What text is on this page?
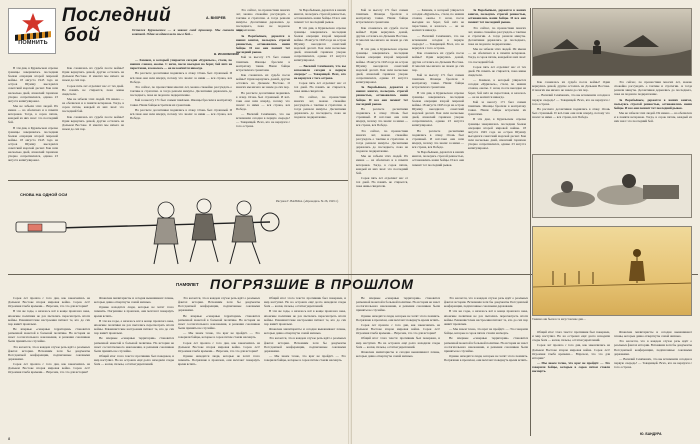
ПОМНИТЬ
Последний
бой
А. ВИХРЕВ
Остался Курильским — я заявил свой приговор. Мы сказали это клятвой. Один за одним шли мы в бой…
В. ИСАКОВСКИЙ

В эти дни, в Курильском отрезке границы завершилась последняя боевая операция второй мировой войны. 18 августа 1945 года на остров Шумшу высадился советский морской десант. Бои шли несколько дней, японский гарнизон упорно сопротивлялся, однако 23 августа капитулировал.

Мы не забыли этих людей. Их имена — на обелисках и в памяти ветеранов. Тогда, в сорок пятом, каждый из них знал: это последний бой.

В эти дни, в Курильском отрезке границы завершилась последняя боевая операция второй мировой войны. 18 августа 1945 года на остров Шумшу высадился советский морской десант. Бои шли несколько дней, японский гарнизон упорно сопротивлялся, однако 23 августа капитулировал.

Как сложилась их судьба после войны? Одни вернулись домой, другие остались на Дальнем Востоке. О многих мы ничего не знаем до сих пор.

Сорок пять лет отделяют нас от тех дней. Но память не стирается, пока живы свидетели.

Мы не забыли этих людей. Их имена — на обелисках и в памяти ветеранов. Тогда, в сорок пятом, каждый из них знал: это последний бой.

Как сложилась их судьба после войны? Одни вернулись домой, другие остались на Дальнем Востоке. О многих мы ничего не знаем до сих пор.

— Камнем, в который упирается сегодня «Курильск», стали, по нашим словам, окопы. С ночи, после высадки на берег, бой шёл не переставая, и казалось — он не кончится никогда.

На рассвете десантники поднялись в атаку. Огонь был страшный. И всё-таки они шли вперёд, потому что знали: за ними — вся страна, вся Победа.

Это сейчас, по прошествии многих лет, можно спокойно рассуждать о тактике и стратегии. А тогда решали минуты. Десантники держались до последнего, пока не подошло подкрепление.

Бой за высоту 171 был самым тяжёлым. Японцы бросили в контратаку танки. Наши бойцы встретили их гранатами.

На рассвете десантники поднялись в атаку. Огонь был страшный. И всё-таки они шли вперёд, потому что знали: за ними — вся страна, вся Победа.

Это сейчас, по прошествии многих лет, можно спокойно рассуждать о тактике и стратегии. А тогда решали минуты. Десантники держались до последнего, пока не подошло подкрепление.

За Воробьёвым, держатся в наших книгах, пользуясь строгой ревностью, остановились наши бойцы. И все они помнят тот последний рывок.

Бой за высоту 171 был самым тяжёлым. Японцы бросили в контратаку танки. Наши бойцы встретили их гранатами.

Как сложилась их судьба после войны? Одни вернулись домой, другие остались на Дальнем Востоке. О многих мы ничего не знаем до сих пор.

На рассвете десантники поднялись в атаку. Огонь был страшный. И всё-таки они шли вперёд, потому что знали: за ними — вся страна, вся Победа.

— Василий Семёнович, что вы вспомнили сегодня в первую очередь? — Товарищей. Всех, кто не вернулся с того острова.

За Воробьёвым, держатся в наших книгах, пользуясь строгой ревностью, остановились наши бойцы. И все они помнят тот последний рывок.

В эти дни, в Курильском отрезке границы завершилась последняя боевая операция второй мировой войны. 18 августа 1945 года на остров Шумшу высадился советский морской десант. Бои шли несколько дней, японский гарнизон упорно сопротивлялся, однако 23 августа капитулировал.

— Василий Семёнович, что вы вспомнили сегодня в первую очередь? — Товарищей. Всех, кто не вернулся с того острова.

Сорок пять лет отделяют нас от тех дней. Но память не стирается, пока живы свидетели.

Это сейчас, по прошествии многих лет, можно спокойно рассуждать о тактике и стратегии. А тогда решали минуты. Десантники держались до последнего, пока не подошло подкрепление.

СНОВА НА ОДНОЙ ОСИ
Рисунок Г. ВАЛЬКА. («Крокодил» № 26, 1945 г.)
ПАМФЛЕТ ПОГРЯЗШИЕ В ПРОШЛОМ

Сорок лет прошло с того дня, как закончились на Дальнем Востоке вторая мировая война. Сорок лет! Огромная глыба времени… Впрочем, что это для истории?

В эти же годы, а началось всё в конце прошлого века, японские политики не раз пытались пересмотреть итоги войны. Реваншистские настроения питают те, кто до сих пор живёт прошлым.

Не впервые «северные территории» становятся разменной монетой в большой политике. Но история не знает сослагательного наклонения, и решения союзников были приняты не случайно.

Это касается, что в каждом случае речь идёт о реальных фактах истории. Вспомним хотя бы документы Потсдамской конференции, подписанные союзными державами.

Сорок лет прошло с того дня, как закончились на Дальнем Востоке вторая мировая война. Сорок лет! Огромная глыба времени… Впрочем, что это для истории?

Японские милитаристы и сегодня вынашивают планы, которые давно отвергнуты самой жизнью.

Однако находятся люди, которые не хотят этого помнить. Погрязшие в прошлом, они мечтают повернуть время вспять.

В эти же годы, а началось всё в конце прошлого века, японские политики не раз пытались пересмотреть итоги войны. Реваншистские настроения питают те, кто до сих пор живёт прошлым.

Не впервые «северные территории» становятся разменной монетой в большой политике. Но история не знает сослагательного наклонения, и решения союзников были приняты не случайно.

Общий итог этого текста: противник был повержен, и мир наступил. Но на островах ещё долго находили следы боёв — каски, гильзы, остатки укреплений.

Это касается, что в каждом случае речь идёт о реальных фактах истории. Вспомним хотя бы документы Потсдамской конференции, подписанные союзными державами.

Не впервые «северные территории» становятся разменной монетой в большой политике. Но история не знает сослагательного наклонения, и решения союзников были приняты не случайно.

— Мы знаем точно, что враг не пройдёт. — Это говорили бойцы, которые в сорок пятом стояли насмерть.

Сорок лет прошло с того дня, как закончились на Дальнем Востоке вторая мировая война. Сорок лет! Огромная глыба времени… Впрочем, что это для истории?

Однако находятся люди, которые не хотят этого помнить. Погрязшие в прошлом, они мечтают повернуть время вспять.

Общий итог этого текста: противник был повержен, и мир наступил. Но на островах ещё долго находили следы боёв — каски, гильзы, остатки укреплений.

В эти же годы, а началось всё в конце прошлого века, японские политики не раз пытались пересмотреть итоги войны. Реваншистские настроения питают те, кто до сих пор живёт прошлым.

Японские милитаристы и сегодня вынашивают планы, которые давно отвергнуты самой жизнью.

Это касается, что в каждом случае речь идёт о реальных фактах истории. Вспомним хотя бы документы Потсдамской конференции, подписанные союзными державами.

— Мы знаем точно, что враг не пройдёт. — Это говорили бойцы, которые в сорок пятом стояли насмерть.

8

Бой за высоту 171 был самым тяжёлым. Японцы бросили в контратаку танки. Наши бойцы встретили их гранатами.

Как сложилась их судьба после войны? Одни вернулись домой, другие остались на Дальнем Востоке. О многих мы ничего не знаем до сих пор.

В эти дни, в Курильском отрезке границы завершилась последняя боевая операция второй мировой войны. 18 августа 1945 года на остров Шумшу высадился советский морской десант. Бои шли несколько дней, японский гарнизон упорно сопротивлялся, однако 23 августа капитулировал.

За Воробьёвым, держатся в наших книгах, пользуясь строгой ревностью, остановились наши бойцы. И все они помнят тот последний рывок.

На рассвете десантники поднялись в атаку. Огонь был страшный. И всё-таки они шли вперёд, потому что знали: за ними — вся страна, вся Победа.

Это сейчас, по прошествии многих лет, можно спокойно рассуждать о тактике и стратегии. А тогда решали минуты. Десантники держались до последнего, пока не подошло подкрепление.

Мы не забыли этих людей. Их имена — на обелисках и в памяти ветеранов. Тогда, в сорок пятом, каждый из них знал: это последний бой.

Сорок пять лет отделяют нас от тех дней. Но память не стирается, пока живы свидетели.

— Камнем, в который упирается сегодня «Курильск», стали, по нашим словам, окопы. С ночи, после высадки на берег, бой шёл не переставая, и казалось — он не кончится никогда.

— Василий Семёнович, что вы вспомнили сегодня в первую очередь? — Товарищей. Всех, кто не вернулся с того острова.

Как сложилась их судьба после войны? Одни вернулись домой, другие остались на Дальнем Востоке. О многих мы ничего не знаем до сих пор.

Бой за высоту 171 был самым тяжёлым. Японцы бросили в контратаку танки. Наши бойцы встретили их гранатами.

В эти дни, в Курильском отрезке границы завершилась последняя боевая операция второй мировой войны. 18 августа 1945 года на остров Шумшу высадился советский морской десант. Бои шли несколько дней, японский гарнизон упорно сопротивлялся, однако 23 августа капитулировал.

На рассвете десантники поднялись в атаку. Огонь был страшный. И всё-таки они шли вперёд, потому что знали: за ними — вся страна, вся Победа.

За Воробьёвым, держатся в наших книгах, пользуясь строгой ревностью, остановились наши бойцы. И все они помнят тот последний рывок.

За Воробьёвым, держатся в наших книгах, пользуясь строгой ревностью, остановились наши бойцы. И все они помнят тот последний рывок.

Это сейчас, по прошествии многих лет, можно спокойно рассуждать о тактике и стратегии. А тогда решали минуты. Десантники держались до последнего, пока не подошло подкрепление.

Мы не забыли этих людей. Их имена — на обелисках и в памяти ветеранов. Тогда, в сорок пятом, каждый из них знал: это последний бой.

Сорок пять лет отделяют нас от тех дней. Но память не стирается, пока живы свидетели.

— Камнем, в который упирается сегодня «Курильск», стали, по нашим словам, окопы. С ночи, после высадки на берег, бой шёл не переставая, и казалось — он не кончится никогда.

Бой за высоту 171 был самым тяжёлым. Японцы бросили в контратаку танки. Наши бойцы встретили их гранатами.

В эти дни, в Курильском отрезке границы завершилась последняя боевая операция второй мировой войны. 18 августа 1945 года на остров Шумшу высадился советский морской десант. Бои шли несколько дней, японский гарнизон упорно сопротивлялся, однако 23 августа капитулировал.

Как сложилась их судьба после войны? Одни вернулись домой, другие остались на Дальнем Востоке. О многих мы ничего не знаем до сих пор.

— Василий Семёнович, что вы вспомнили сегодня в первую очередь? — Товарищей. Всех, кто не вернулся с того острова.

На рассвете десантники поднялись в атаку. Огонь был страшный. И всё-таки они шли вперёд, потому что знали: за ними — вся страна, вся Победа.

Это сейчас, по прошествии многих лет, можно спокойно рассуждать о тактике и стратегии. А тогда решали минуты. Десантники держались до последнего, пока не подошло подкрепление.

За Воробьёвым, держатся в наших книгах, пользуясь строгой ревностью, остановились наши бойцы. И все они помнят тот последний рывок.

Мы не забыли этих людей. Их имена — на обелисках и в памяти ветеранов. Тогда, в сорок пятом, каждый из них знал: это последний бой.

Такими они были в те августовские дни…

Не впервые «северные территории» становятся разменной монетой в большой политике. Но история не знает сослагательного наклонения, и решения союзников были приняты не случайно.

Однако находятся люди, которые не хотят этого помнить. Погрязшие в прошлом, они мечтают повернуть время вспять.

Сорок лет прошло с того дня, как закончились на Дальнем Востоке вторая мировая война. Сорок лет! Огромная глыба времени… Впрочем, что это для истории?

Общий итог этого текста: противник был повержен, и мир наступил. Но на островах ещё долго находили следы боёв — каски, гильзы, остатки укреплений.

Японские милитаристы и сегодня вынашивают планы, которые давно отвергнуты самой жизнью.

Это касается, что в каждом случае речь идёт о реальных фактах истории. Вспомним хотя бы документы Потсдамской конференции, подписанные союзными державами.

В эти же годы, а началось всё в конце прошлого века, японские политики не раз пытались пересмотреть итоги войны. Реваншистские настроения питают те, кто до сих пор живёт прошлым.

— Мы знаем точно, что враг не пройдёт. — Это говорили бойцы, которые в сорок пятом стояли насмерть.

Не впервые «северные территории» становятся разменной монетой в большой политике. Но история не знает сослагательного наклонения, и решения союзников были приняты не случайно.

Однако находятся люди, которые не хотят этого помнить. Погрязшие в прошлом, они мечтают повернуть время вспять.

Общий итог этого текста: противник был повержен, и мир наступил. Но на островах ещё долго находили следы боёв — каски, гильзы, остатки укреплений.

Сорок лет прошло с того дня, как закончились на Дальнем Востоке вторая мировая война. Сорок лет! Огромная глыба времени… Впрочем, что это для истории?

— Мы знаем точно, что враг не пройдёт. — Это говорили бойцы, которые в сорок пятом стояли насмерть.

Японские милитаристы и сегодня вынашивают планы, которые давно отвергнуты самой жизнью.

Это касается, что в каждом случае речь идёт о реальных фактах истории. Вспомним хотя бы документы Потсдамской конференции, подписанные союзными державами.

— Василий Семёнович, что вы вспомнили сегодня в первую очередь? — Товарищей. Всех, кто не вернулся с того острова.

Ю. БАНДУРА
